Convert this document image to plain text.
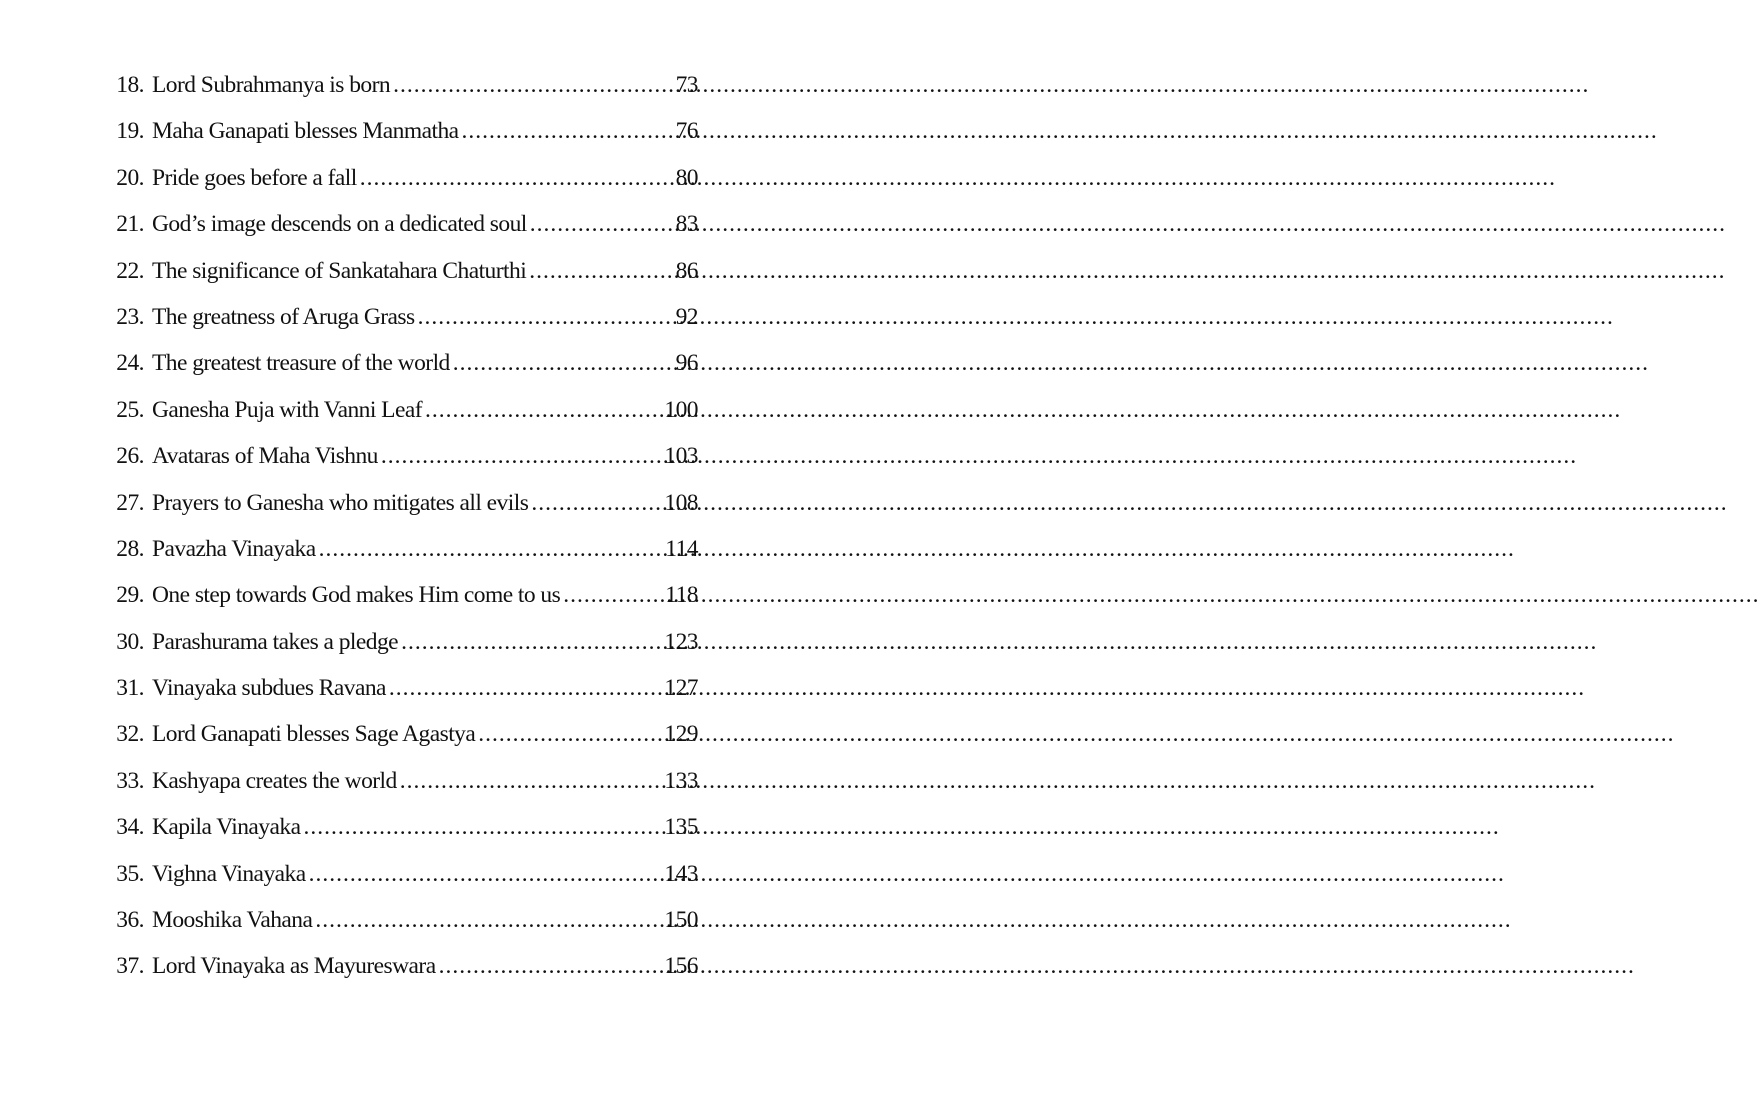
18. Lord Subrahmanya is born .....	73
19. Maha Ganapati blesses Manmatha .....	76
20. Pride goes before a fall .....	80
21. God’s image descends on a dedicated soul .....	83
22. The significance of Sankatahara Chaturthi .....	86
23. The greatness of Aruga Grass .....	92
24. The greatest treasure of the world .....	96
25. Ganesha Puja with Vanni Leaf .....	100
26. Avataras of Maha Vishnu .....	103
27. Prayers to Ganesha who mitigates all evils .....	108
28. Pavazha Vinayaka .....	114
29. One step towards God makes Him come to us .....	118
30. Parashurama takes a pledge .....	123
31. Vinayaka subdues Ravana .....	127
32. Lord Ganapati blesses Sage Agastya .....	129
33. Kashyapa creates the world .....	133
34. Kapila Vinayaka .....	135
35. Vighna Vinayaka .....	143
36. Mooshika Vahana .....	150
37. Lord Vinayaka as Mayureswara .....	156
